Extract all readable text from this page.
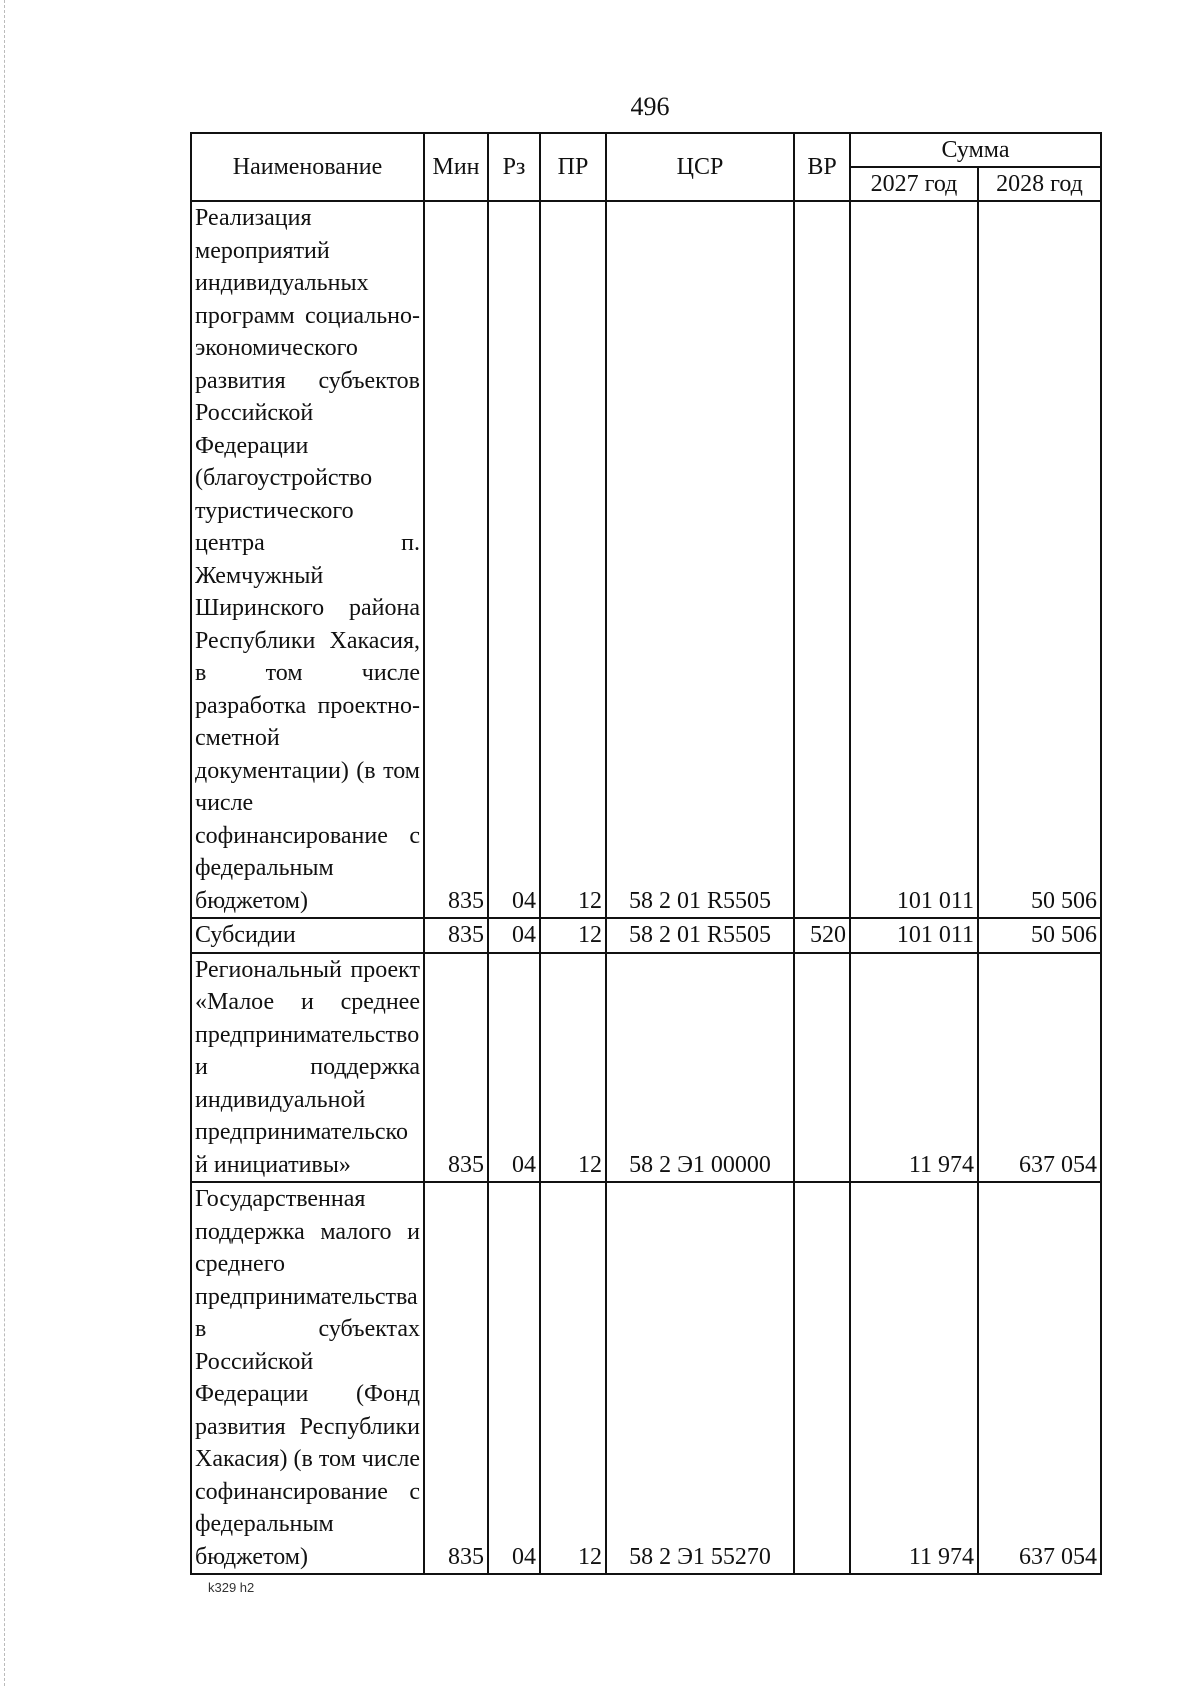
496
Наименование	Мин	Рз	ПР	ЦСР	ВР	Сумма	
						2027 год	2028 год
Реализация мероприятий индивидуальных программ социально-экономического развития субъектов Российской Федерации (благоустройство туристического центра п. Жемчужный Ширинского района Республики Хакасия, в том числе разработка проектно-сметной документации) (в том числе софинансирование с федеральным бюджетом)	835	04	12	58 2 01 R5505		101 011	50 506
Субсидии	835	04	12	58 2 01 R5505	520	101 011	50 506
Региональный проект «Малое и среднее предпринимательство и поддержка индивидуальной предпринимательской инициативы»	835	04	12	58 2 Э1 00000		11 974	637 054
Государственная поддержка малого и среднего предпринимательства в субъектах Российской Федерации (Фонд развития Республики Хакасия) (в том числе софинансирование с федеральным бюджетом)	835	04	12	58 2 Э1 55270		11 974	637 054
k329 h2
